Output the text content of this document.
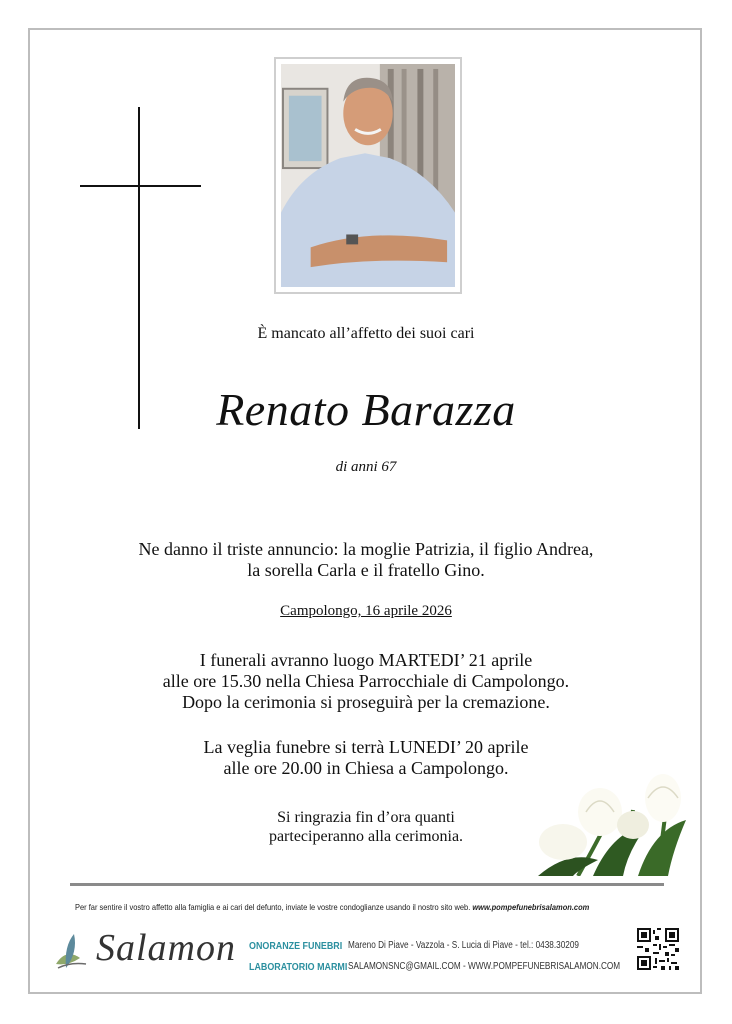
È mancato all’affetto dei suoi cari
Renato Barazza
di anni 67
Ne danno il triste annuncio: la moglie Patrizia, il figlio Andrea,
la sorella Carla e il fratello Gino.
Campolongo, 16 aprile 2026
I funerali avranno luogo MARTEDI’ 21 aprile
alle ore 15.30 nella Chiesa Parrocchiale di Campolongo.
Dopo la cerimonia si proseguirà per la cremazione.
La veglia funebre si terrà LUNEDI’ 20 aprile
alle ore 20.00 in Chiesa a Campolongo.
Si ringrazia fin d’ora quanti
parteciperanno alla cerimonia.
Per far sentire il vostro affetto alla famiglia e ai cari del defunto, inviate le vostre condoglianze usando il nostro sito web. www.pompefunebrisalamon.com
Salamon ONORANZE FUNEBRI
LABORATORIO MARMI
Mareno Di Piave - Vazzola - S. Lucia di Piave - tel.: 0438.30209
SALAMONSNC@GMAIL.COM - WWW.POMPEFUNEBRISALAMON.COM
